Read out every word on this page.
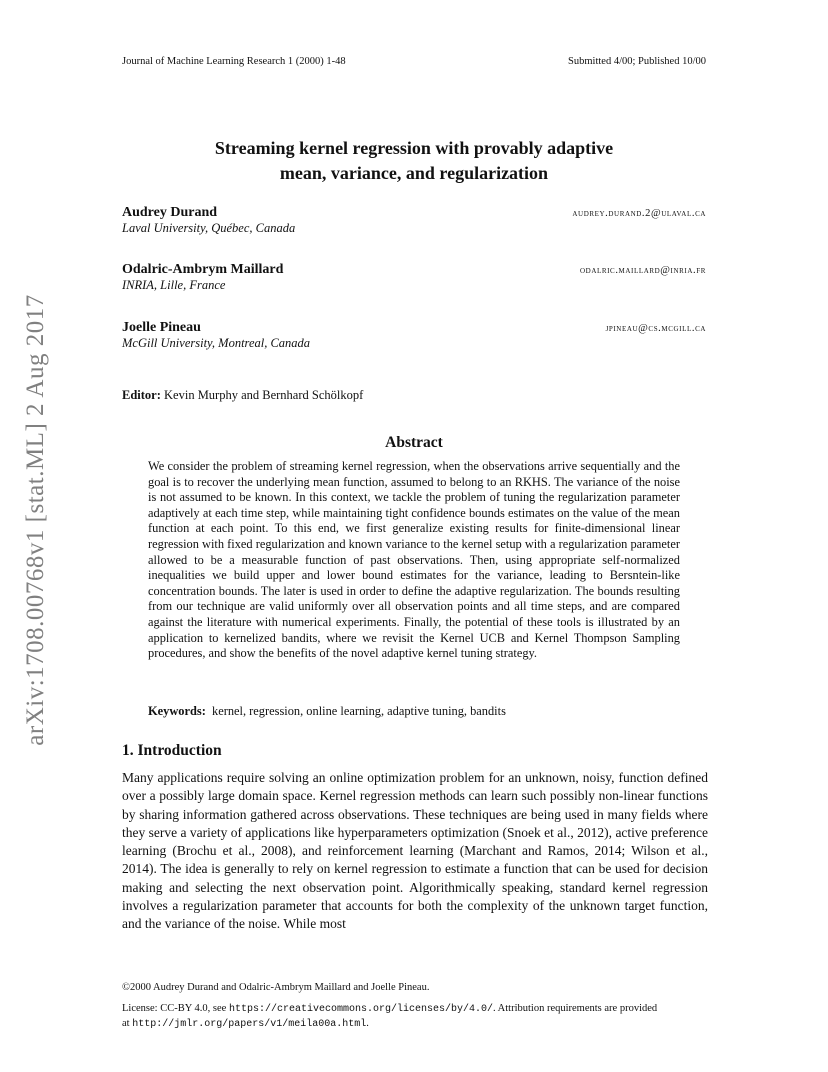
arXiv:1708.00768v1 [stat.ML] 2 Aug 2017
Journal of Machine Learning Research 1 (2000) 1-48	Submitted 4/00; Published 10/00
Streaming kernel regression with provably adaptive
mean, variance, and regularization
Audrey Durand	audrey.durand.2@ulaval.ca
Laval University, Québec, Canada
Odalric-Ambrym Maillard	odalric.maillard@inria.fr
INRIA, Lille, France
Joelle Pineau	jpineau@cs.mcgill.ca
McGill University, Montreal, Canada
Editor: Kevin Murphy and Bernhard Schölkopf
Abstract
We consider the problem of streaming kernel regression, when the observations arrive sequentially and the goal is to recover the underlying mean function, assumed to belong to an RKHS. The variance of the noise is not assumed to be known. In this context, we tackle the problem of tuning the regularization parameter adaptively at each time step, while maintaining tight confidence bounds estimates on the value of the mean function at each point. To this end, we first generalize existing results for finite-dimensional linear regression with fixed regularization and known variance to the kernel setup with a regularization parameter allowed to be a measurable function of past observations. Then, using appropriate self-normalized inequalities we build upper and lower bound estimates for the variance, leading to Bersntein-like concentration bounds. The later is used in order to define the adaptive regularization. The bounds resulting from our technique are valid uniformly over all observation points and all time steps, and are compared against the literature with numerical experiments. Finally, the potential of these tools is illustrated by an application to kernelized bandits, where we revisit the Kernel UCB and Kernel Thompson Sampling procedures, and show the benefits of the novel adaptive kernel tuning strategy.
Keywords: kernel, regression, online learning, adaptive tuning, bandits
1. Introduction
Many applications require solving an online optimization problem for an unknown, noisy, function defined over a possibly large domain space. Kernel regression methods can learn such possibly non-linear functions by sharing information gathered across observations. These techniques are being used in many fields where they serve a variety of applications like hyperparameters optimization (Snoek et al., 2012), active preference learning (Brochu et al., 2008), and reinforcement learning (Marchant and Ramos, 2014; Wilson et al., 2014). The idea is generally to rely on kernel regression to estimate a function that can be used for decision making and selecting the next observation point. Algorithmically speaking, standard kernel regression involves a regularization parameter that accounts for both the complexity of the unknown target function, and the variance of the noise. While most
©2000 Audrey Durand and Odalric-Ambrym Maillard and Joelle Pineau.
License: CC-BY 4.0, see https://creativecommons.org/licenses/by/4.0/. Attribution requirements are provided
at http://jmlr.org/papers/v1/meila00a.html.
